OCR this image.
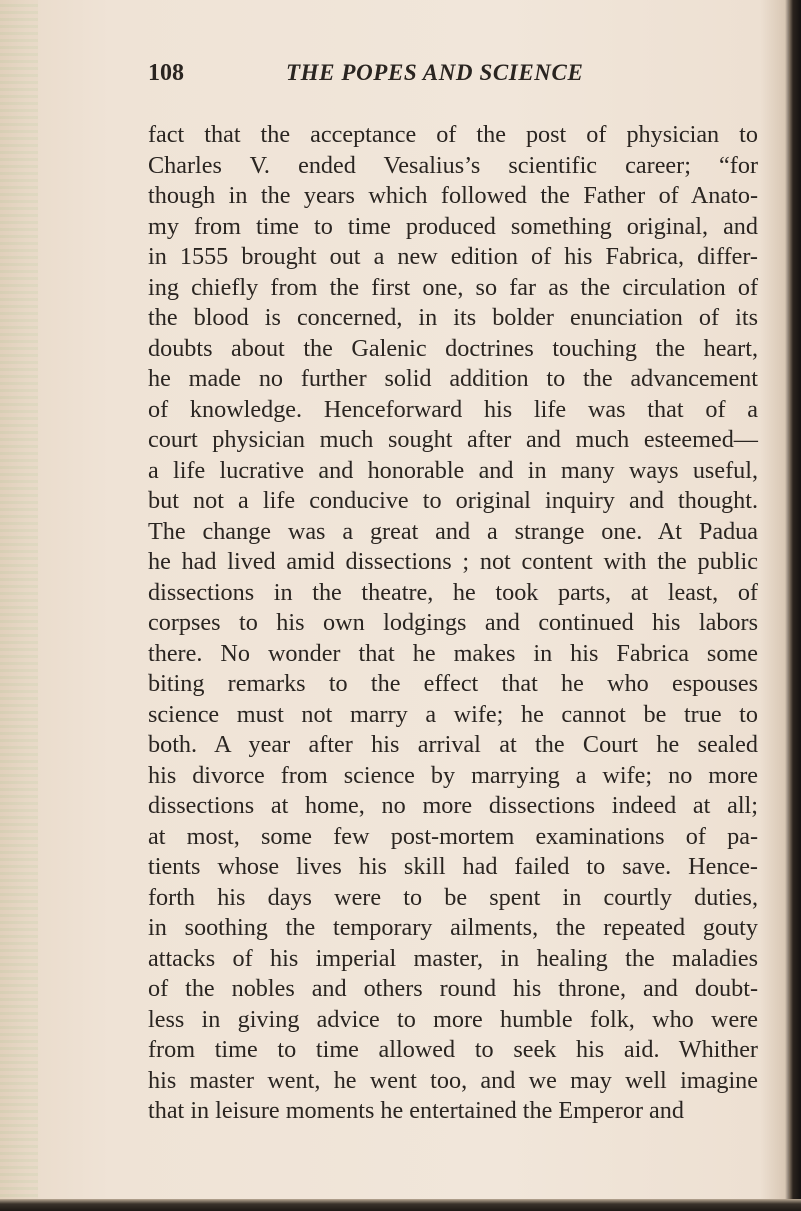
108	THE POPES AND SCIENCE
fact that the acceptance of the post of physician to
Charles V. ended Vesalius’s scientific career; “for
though in the years which followed the Father of Anato-
my from time to time produced something original, and
in 1555 brought out a new edition of his Fabrica, differ-
ing chiefly from the first one, so far as the circulation of
the blood is concerned, in its bolder enunciation of its
doubts about the Galenic doctrines touching the heart,
he made no further solid addition to the advancement
of knowledge. Henceforward his life was that of a
court physician much sought after and much esteemed—
a life lucrative and honorable and in many ways useful,
but not a life conducive to original inquiry and thought.
The change was a great and a strange one. At Padua
he had lived amid dissections ; not content with the public
dissections in the theatre, he took parts, at least, of
corpses to his own lodgings and continued his labors
there. No wonder that he makes in his Fabrica some
biting remarks to the effect that he who espouses
science must not marry a wife; he cannot be true to
both. A year after his arrival at the Court he sealed
his divorce from science by marrying a wife; no more
dissections at home, no more dissections indeed at all;
at most, some few post-mortem examinations of pa-
tients whose lives his skill had failed to save. Hence-
forth his days were to be spent in courtly duties,
in soothing the temporary ailments, the repeated gouty
attacks of his imperial master, in healing the maladies
of the nobles and others round his throne, and doubt-
less in giving advice to more humble folk, who were
from time to time allowed to seek his aid. Whither
his master went, he went too, and we may well imagine
that in leisure moments he entertained the Emperor and
